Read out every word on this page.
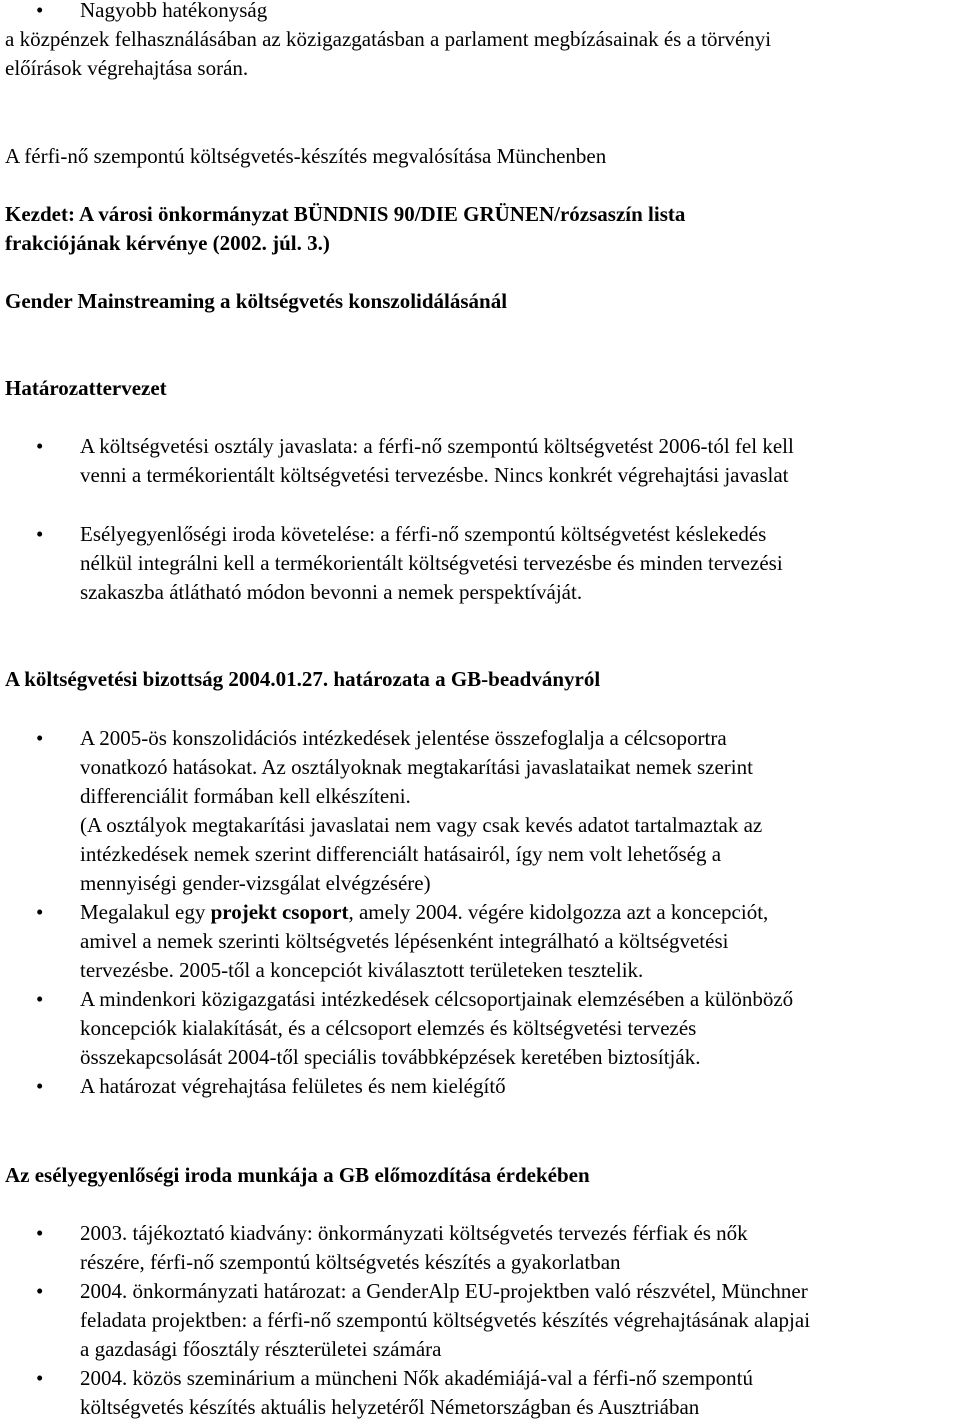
•	Nagyobb hatékonyság

a közpénzek felhasználásában az közigazgatásban a parlament megbízásainak és a törvényi

előírások végrehajtása során.

A férfi-nő szempontú költségvetés-készítés megvalósítása Münchenben

Kezdet: A városi önkormányzat BÜNDNIS 90/DIE GRÜNEN/rózsaszín lista

frakciójának kérvénye (2002. júl. 3.)

Gender Mainstreaming a költségvetés konszolidálásánál

Határozattervezet

•	A költségvetési osztály javaslata: a férfi-nő szempontú költségvetést 2006-tól fel kell

venni a termékorientált költségvetési tervezésbe. Nincs konkrét végrehajtási javaslat

•	Esélyegyenlőségi iroda követelése: a férfi-nő szempontú költségvetést késlekedés

nélkül integrálni kell a termékorientált költségvetési tervezésbe és minden tervezési

szakaszba átlátható módon bevonni a nemek perspektíváját.

A költségvetési bizottság 2004.01.27. határozata a GB-beadványról

•	A 2005-ös konszolidációs intézkedések jelentése összefoglalja a célcsoportra

vonatkozó hatásokat. Az osztályoknak megtakarítási javaslataikat nemek szerint

differenciálit formában kell elkészíteni.

(A osztályok megtakarítási javaslatai nem vagy csak kevés adatot tartalmaztak az

intézkedések nemek szerint differenciált hatásairól, így nem volt lehetőség a

mennyiségi gender-vizsgálat elvégzésére)

•	Megalakul egy projekt csoport, amely 2004. végére kidolgozza azt a koncepciót,

amivel a nemek szerinti költségvetés lépésenként integrálható a költségvetési

tervezésbe. 2005-től a koncepciót kiválasztott területeken tesztelik.

•	A mindenkori közigazgatási intézkedések célcsoportjainak elemzésében a különböző

koncepciók kialakítását, és a célcsoport elemzés és költségvetési tervezés

összekapcsolását 2004-től speciális továbbképzések keretében biztosítják.

•	A határozat végrehajtása felületes és nem kielégítő

Az esélyegyenlőségi iroda munkája a GB előmozdítása érdekében

•	2003. tájékoztató kiadvány: önkormányzati költségvetés tervezés férfiak és nők

részére, férfi-nő szempontú költségvetés készítés a gyakorlatban

•	2004. önkormányzati határozat: a GenderAlp EU-projektben való részvétel, Münchner

feladata projektben: a férfi-nő szempontú költségvetés készítés végrehajtásának alapjai

a gazdasági főosztály részterületei számára

•	2004. közös szeminárium a müncheni Nők akadémiájá-val a férfi-nő szempontú

költségvetés készítés aktuális helyzetéről Németországban és Ausztriában
